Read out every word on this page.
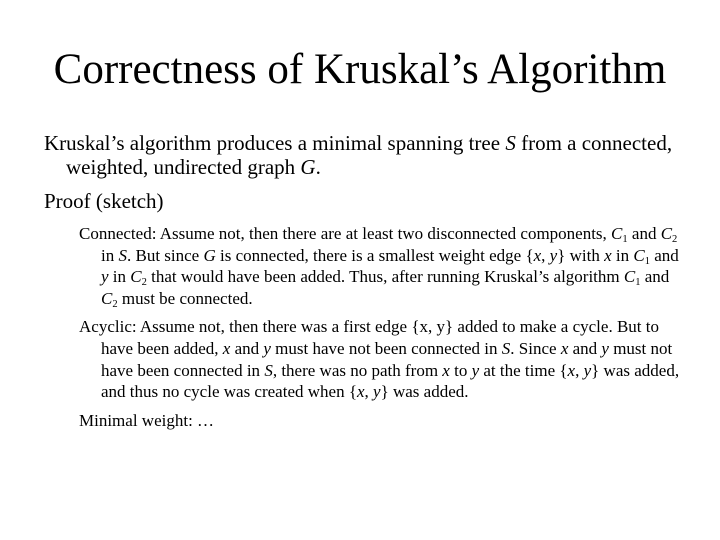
Correctness of Kruskal’s Algorithm

Kruskal’s algorithm produces a minimal spanning tree S from a connected, weighted, undirected graph G.

Proof (sketch)

Connected: Assume not, then there are at least two disconnected components, $C_1$ and $C_2$ in S. But since G is connected, there is a smallest weight edge {x, y} with x in $C_1$ and y in $C_2$ that would have been added. Thus, after running Kruskal’s algorithm $C_1$ and $C_2$ must be connected.

Acyclic: Assume not, then there was a first edge {x, y} added to make a cycle. But to have been added, x and y must have not been connected in S. Since x and y must not have been connected in S, there was no path from x to y at the time {x, y} was added, and thus no cycle was created when {x, y} was added.

Minimal weight: …
